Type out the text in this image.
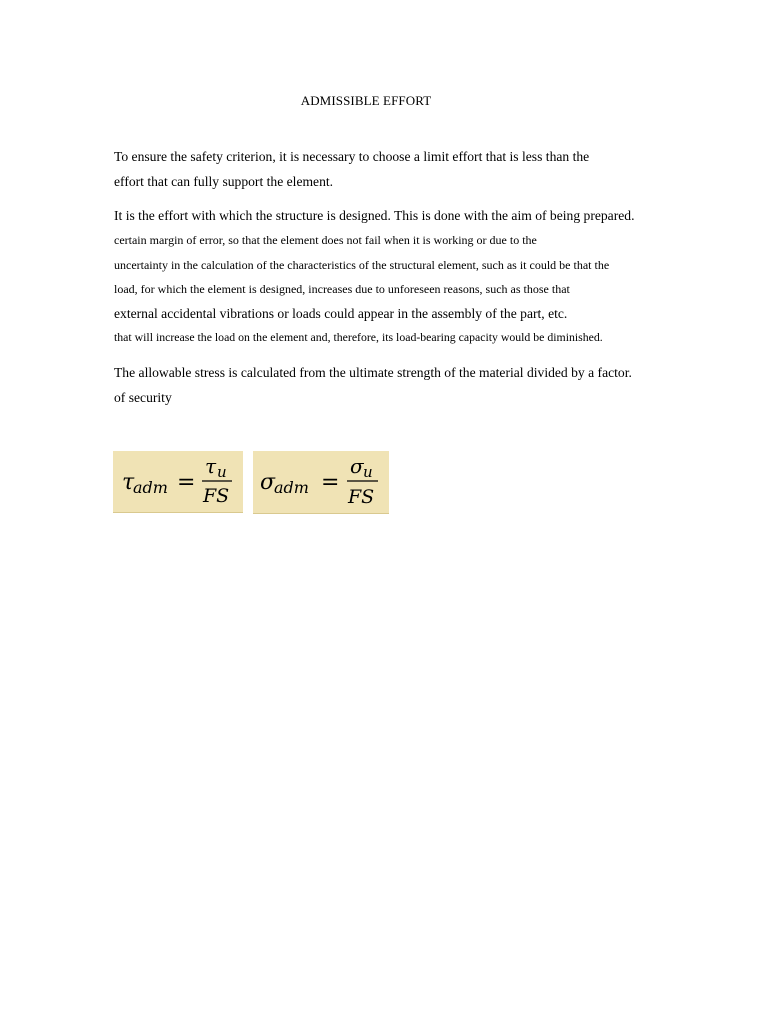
ADMISSIBLE EFFORT
To ensure the safety criterion, it is necessary to choose a limit effort that is less than the
effort that can fully support the element.
It is the effort with which the structure is designed. This is done with the aim of being prepared.
certain margin of error, so that the element does not fail when it is working or due to the
uncertainty in the calculation of the characteristics of the structural element, such as it could be that the
load, for which the element is designed, increases due to unforeseen reasons, such as those that
external accidental vibrations or loads could appear in the assembly of the part, etc.
that will increase the load on the element and, therefore, its load-bearing capacity would be diminished.
The allowable stress is calculated from the ultimate strength of the material divided by a factor.
of security
τ
adm =
τ u
FS
σ
adm =
σ u
FS
